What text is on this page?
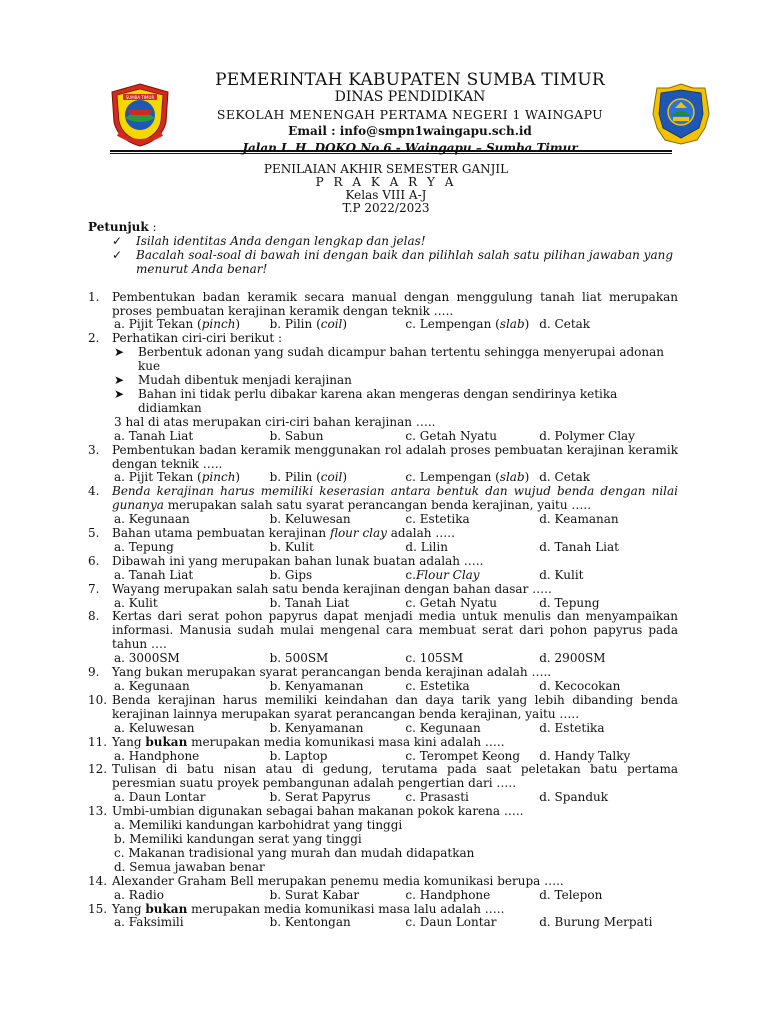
SUMBA TIMUR
PEMERINTAH KABUPATEN SUMBA TIMUR
DINAS PENDIDIKAN
SEKOLAH MENENGAH PERTAMA NEGERI 1 WAINGAPU
Email : info@smpn1waingapu.sch.id
Jalan I. H. DOKO No.6 - Waingapu – Sumba Timur
PENILAIAN AKHIR SEMESTER GANJIL
P R A K A R Y A
Kelas VIII A-J
T.P 2022/2023
Petunjuk :
✓ Isilah identitas Anda dengan lengkap dan jelas!
✓ Bacalah soal-soal di bawah ini dengan baik dan pilihlah salah satu pilihan jawaban yang menurut Anda benar!
1.	Pembentukan badan keramik secara manual dengan menggulung tanah liat merupakan proses pembuatan kerajinan keramik dengan teknik …..
a. Pijit Tekan (pinch)	b. Pilin (coil)	c. Lempengan (slab) d. Cetak
2.	Perhatikan ciri-ciri berikut :
➤ Berbentuk adonan yang sudah dicampur bahan tertentu sehingga menyerupai adonan kue
➤ Mudah dibentuk menjadi kerajinan
➤ Bahan ini tidak perlu dibakar karena akan mengeras dengan sendirinya ketika didiamkan
3 hal di atas merupakan ciri-ciri bahan kerajinan …..
a. Tanah Liat	b. Sabun	c. Getah Nyatu	d. Polymer Clay
3.	Pembentukan badan keramik menggunakan rol adalah proses pembuatan kerajinan keramik dengan teknik …..
a. Pijit Tekan (pinch)	b. Pilin (coil)	c. Lempengan (slab) d. Cetak
4.	Benda kerajinan harus memiliki keserasian antara bentuk dan wujud benda dengan nilai gunanya merupakan salah satu syarat perancangan benda kerajinan, yaitu …..
a. Kegunaan	b. Keluwesan	c. Estetika	d. Keamanan
5.	Bahan utama pembuatan kerajinan flour clay adalah …..
a. Tepung	b. Kulit	d. Lilin	d. Tanah Liat
6.	Dibawah ini yang merupakan bahan lunak buatan adalah …..
a. Tanah Liat	b. Gips	c.Flour Clay	d. Kulit
7.	Wayang merupakan salah satu benda kerajinan dengan bahan dasar …..
a. Kulit	b. Tanah Liat	c. Getah Nyatu	d. Tepung
8.	Kertas dari serat pohon papyrus dapat menjadi media untuk menulis dan menyampaikan informasi. Manusia sudah mulai mengenal cara membuat serat dari pohon papyrus pada tahun ….
a. 3000SM	b. 500SM	c. 105SM	d. 2900SM
9.	Yang bukan merupakan syarat perancangan benda kerajinan adalah …..
a. Kegunaan	b. Kenyamanan	c. Estetika	d. Kecocokan
10. Benda kerajinan harus memiliki keindahan dan daya tarik yang lebih dibanding benda kerajinan lainnya merupakan syarat perancangan benda kerajinan, yaitu …..
a. Keluwesan	b. Kenyamanan	c. Kegunaan	d. Estetika
11. Yang bukan merupakan media komunikasi masa kini adalah …..
a. Handphone	b. Laptop	c. Terompet Keong	d. Handy Talky
12. Tulisan di batu nisan atau di gedung, terutama pada saat peletakan batu pertama peresmian suatu proyek pembangunan adalah pengertian dari …..
a. Daun Lontar	b. Serat Papyrus	c. Prasasti	d. Spanduk
13. Umbi-umbian digunakan sebagai bahan makanan pokok karena …..
a. Memiliki kandungan karbohidrat yang tinggi
b. Memiliki kandungan serat yang tinggi
c. Makanan tradisional yang murah dan mudah didapatkan
d. Semua jawaban benar
14. Alexander Graham Bell merupakan penemu media komunikasi berupa …..
a. Radio	b. Surat Kabar	c. Handphone	d. Telepon
15. Yang bukan merupakan media komunikasi masa lalu adalah …..
a. Faksimili	b. Kentongan	c. Daun Lontar	d. Burung Merpati
